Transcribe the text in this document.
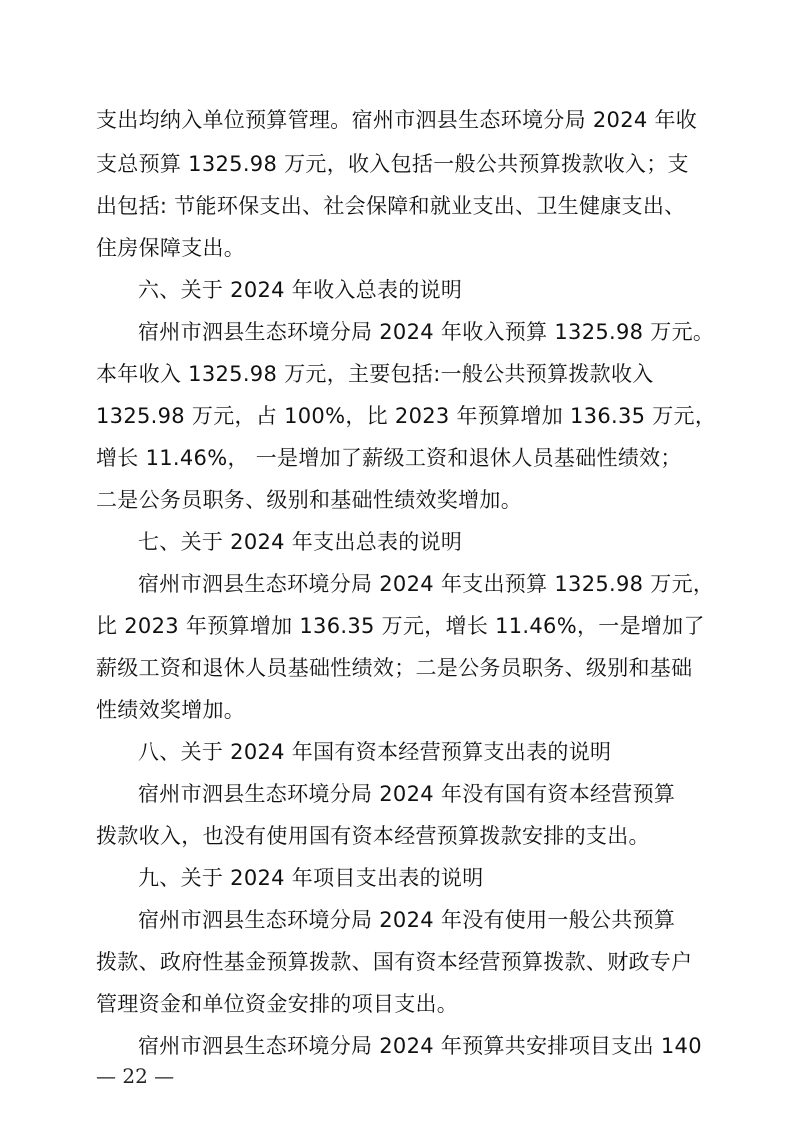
支出均纳入单位预算管理。宿州市泗县生态环境分局 2024 年收
支总预算 1325.98 万元，收入包括一般公共预算拨款收入；支
出包括: 节能环保支出、社会保障和就业支出、卫生健康支出、
住房保障支出。
六、关于 2024 年收入总表的说明
宿州市泗县生态环境分局 2024 年收入预算 1325.98 万元。
本年收入 1325.98 万元，主要包括:一般公共预算拨款收入
1325.98 万元，占 100%，比 2023 年预算增加 136.35 万元，
增长 11.46%， 一是增加了薪级工资和退休人员基础性绩效；
二是公务员职务、级别和基础性绩效奖增加。
七、关于 2024 年支出总表的说明
宿州市泗县生态环境分局 2024 年支出预算 1325.98 万元，
比 2023 年预算增加 136.35 万元，增长 11.46%，一是增加了
薪级工资和退休人员基础性绩效；二是公务员职务、级别和基础
性绩效奖增加。
八、关于 2024 年国有资本经营预算支出表的说明
宿州市泗县生态环境分局 2024 年没有国有资本经营预算
拨款收入，也没有使用国有资本经营预算拨款安排的支出。
九、关于 2024 年项目支出表的说明
宿州市泗县生态环境分局 2024 年没有使用一般公共预算
拨款、政府性基金预算拨款、国有资本经营预算拨款、财政专户
管理资金和单位资金安排的项目支出。
宿州市泗县生态环境分局 2024 年预算共安排项目支出 140
— 22 —
